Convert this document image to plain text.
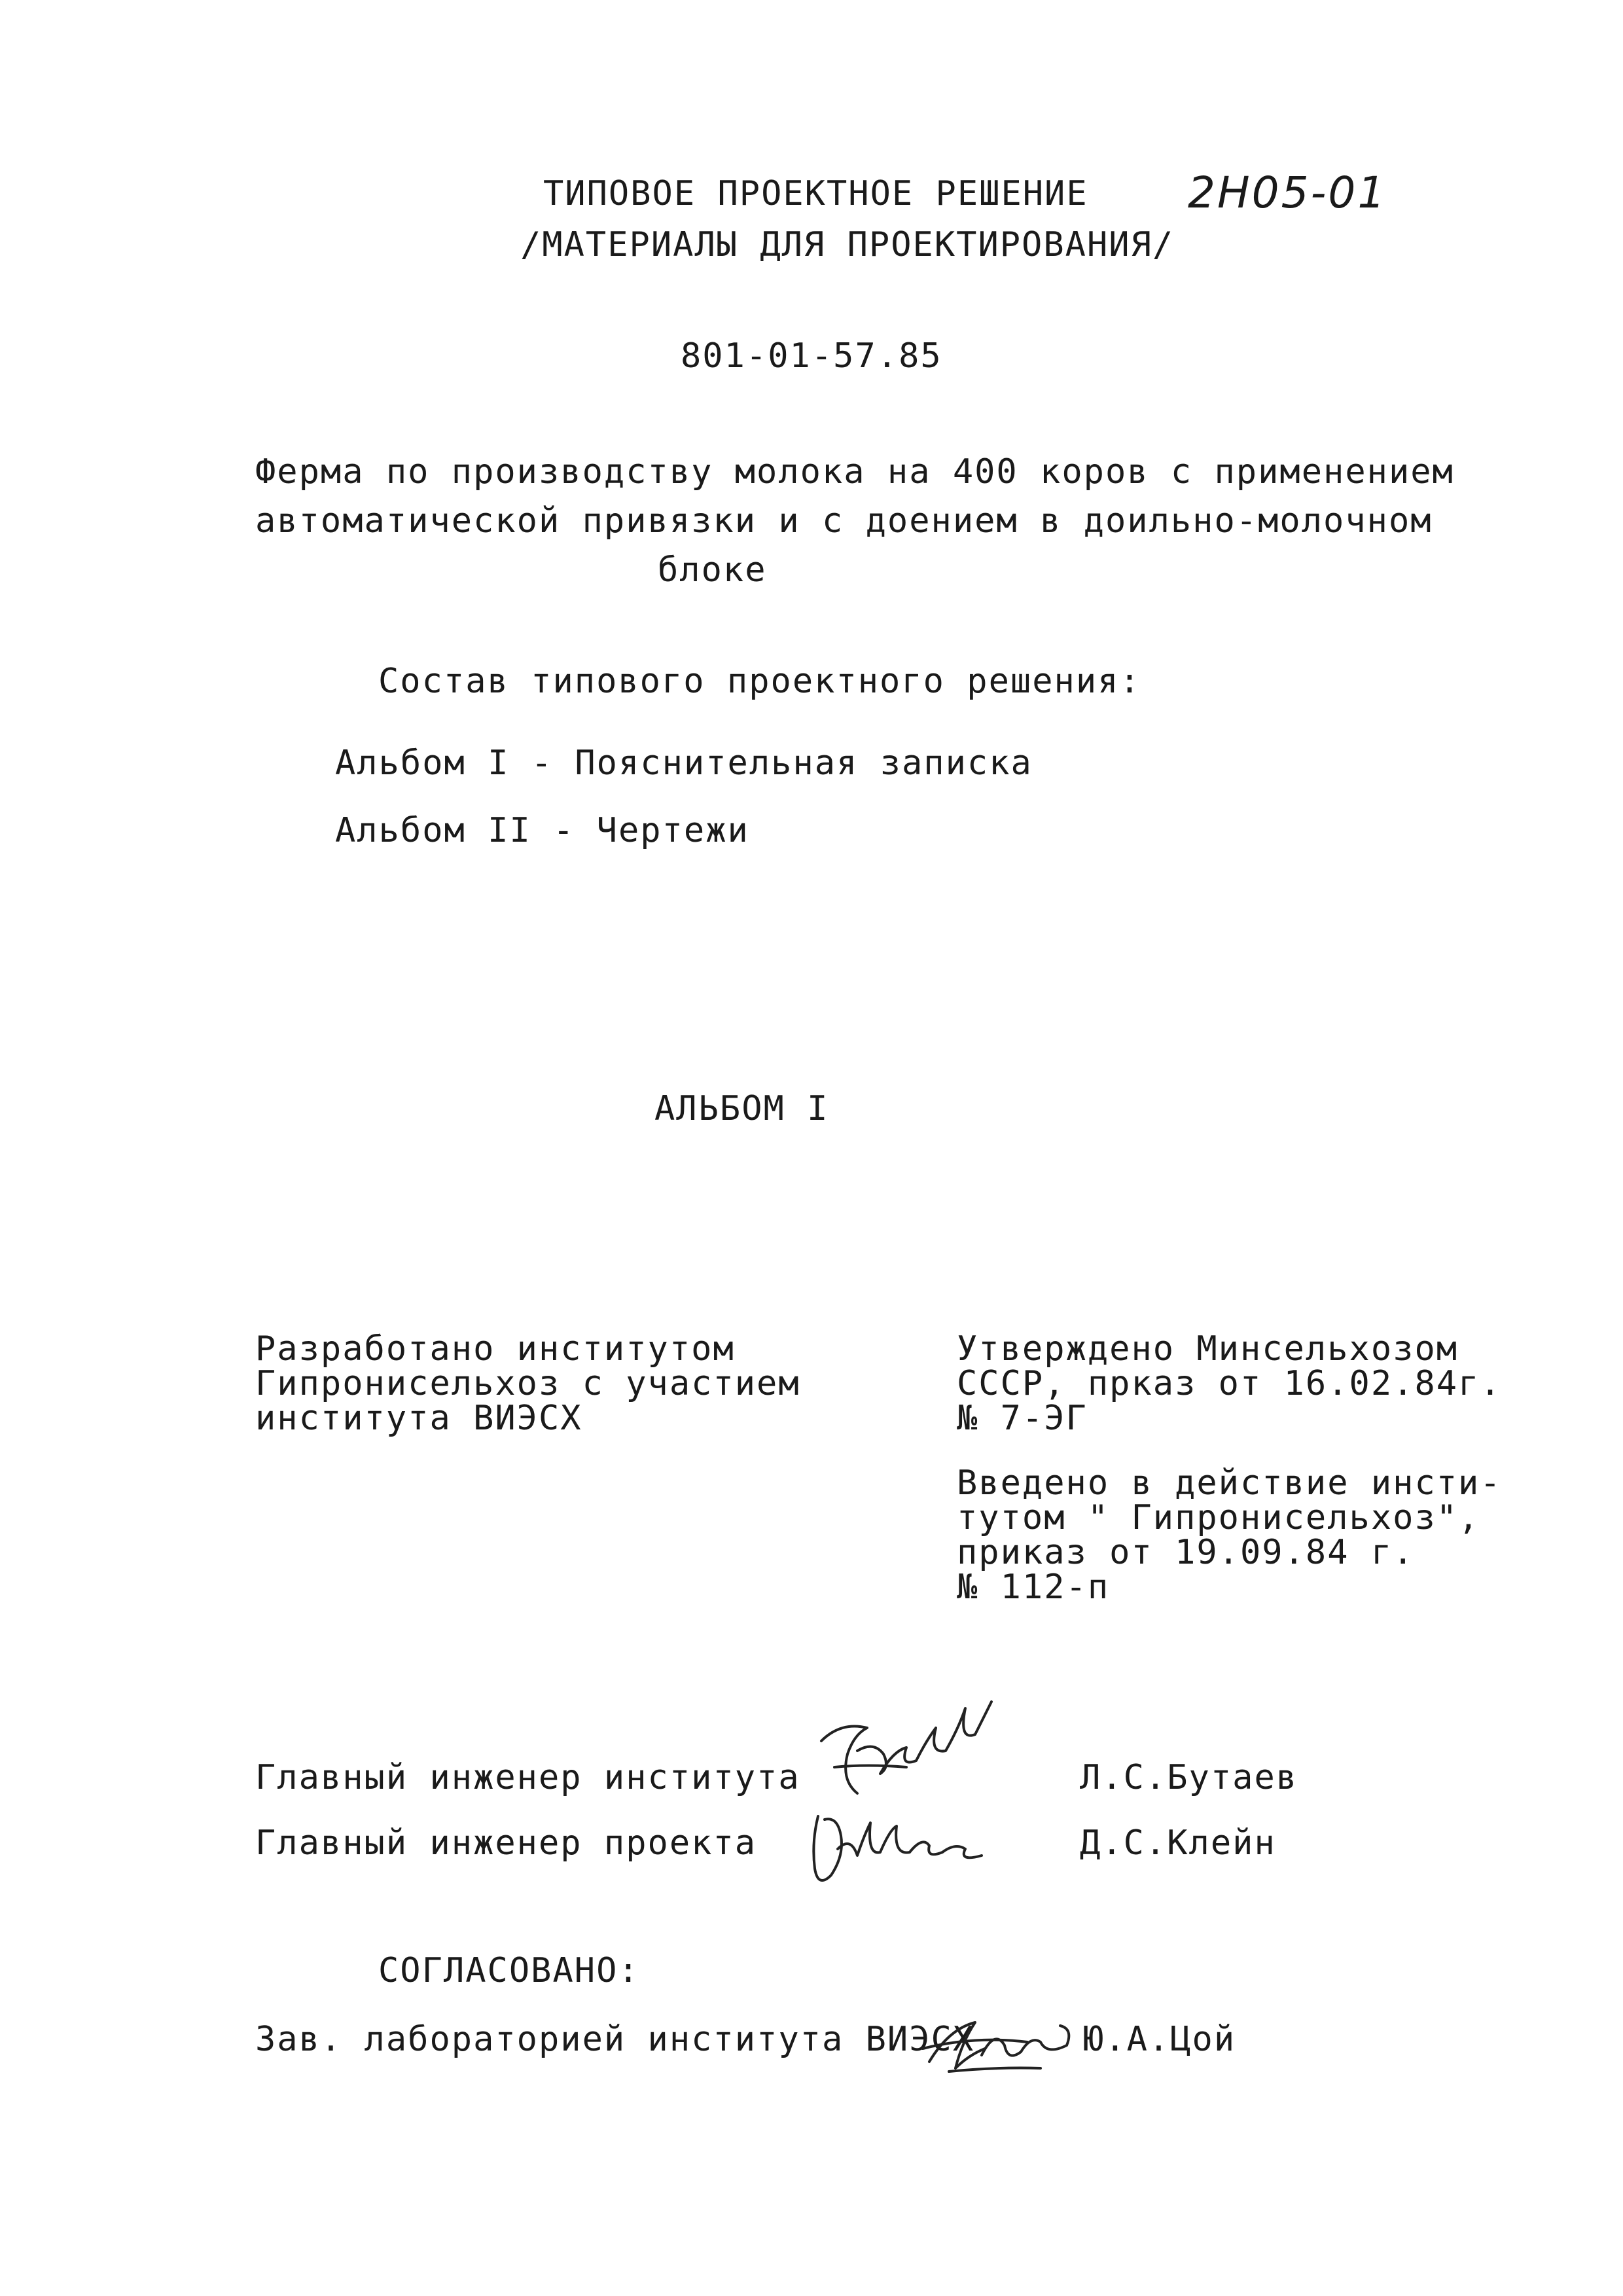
ТИПОВОЕ ПРОЕКТНОЕ РЕШЕНИЕ 2Н05-01
/МАТЕРИАЛЫ ДЛЯ ПРОЕКТИРОВАНИЯ/
801-01-57.85
Ферма по производству молока на 400 коров с применением
автоматической привязки и с доением в доильно-молочном
блоке
Состав типового проектного решения:
Альбом I - Пояснительная записка
Альбом II - Чертежи
АЛЬБОМ I
Разработано институтом
Гипронисельхоз с участием
института ВИЭСХ
Утверждено Минсельхозом
СССР, прказ от 16.02.84г.
№ 7-ЭГ
Введено в действие инсти-
тутом " Гипронисельхоз",
приказ от 19.09.84 г.
№ 112-п
Главный инженер института	Л.С.Бутаев
Главный инженер проекта	Д.С.Клейн
СОГЛАСОВАНО:
Зав. лабораторией института ВИЭСХ	Ю.А.Цой
